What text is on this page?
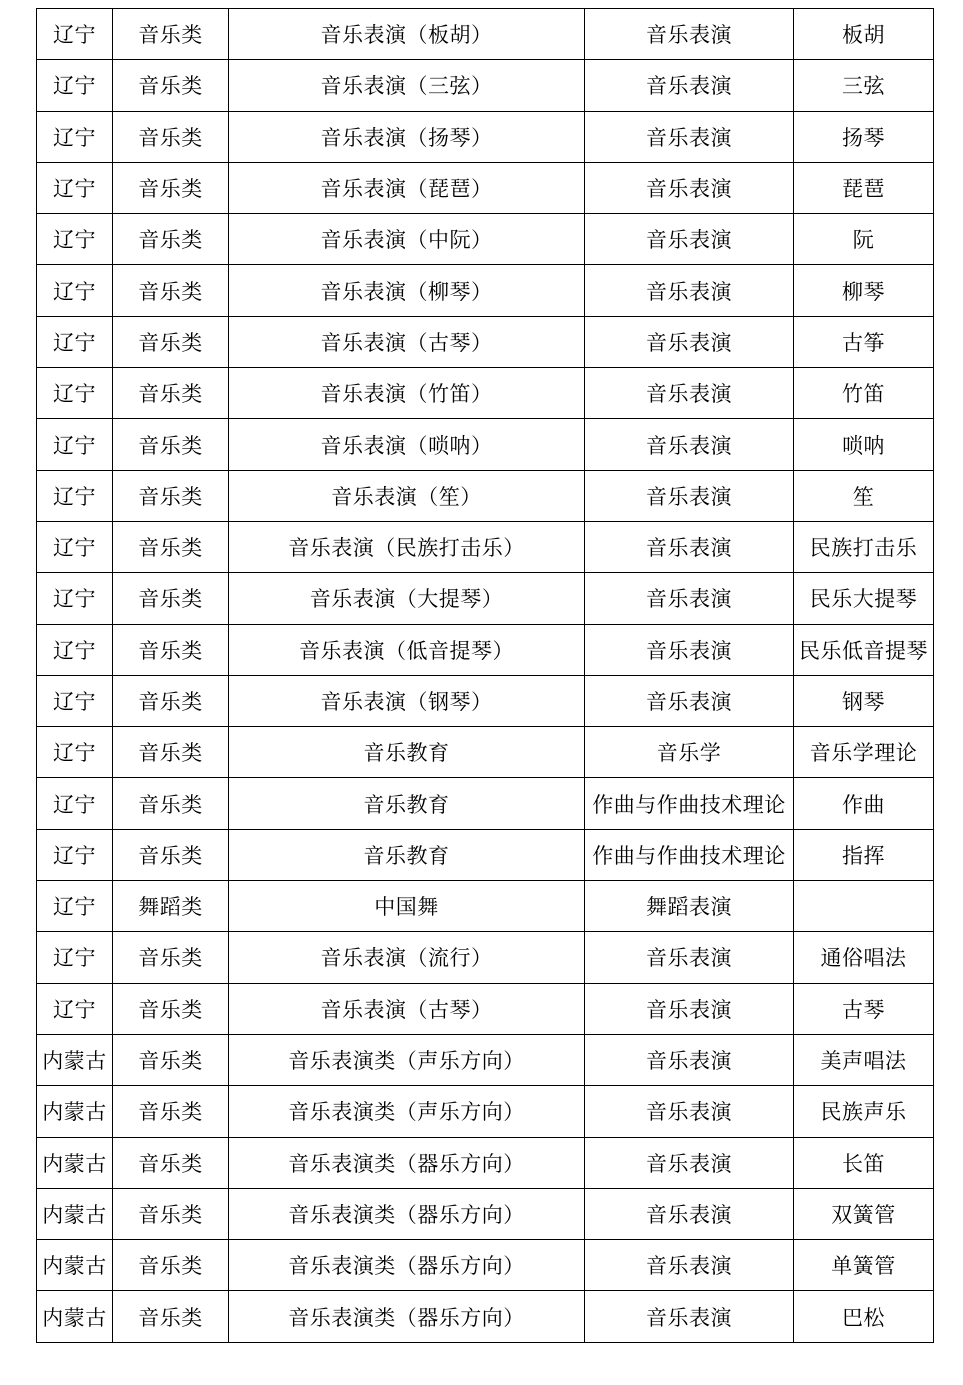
辽宁	音乐类	音乐表演（板胡）	音乐表演	板胡
辽宁	音乐类	音乐表演（三弦）	音乐表演	三弦
辽宁	音乐类	音乐表演（扬琴）	音乐表演	扬琴
辽宁	音乐类	音乐表演（琵琶）	音乐表演	琵琶
辽宁	音乐类	音乐表演（中阮）	音乐表演	阮
辽宁	音乐类	音乐表演（柳琴）	音乐表演	柳琴
辽宁	音乐类	音乐表演（古琴）	音乐表演	古筝
辽宁	音乐类	音乐表演（竹笛）	音乐表演	竹笛
辽宁	音乐类	音乐表演（唢呐）	音乐表演	唢呐
辽宁	音乐类	音乐表演（笙）	音乐表演	笙
辽宁	音乐类	音乐表演（民族打击乐）	音乐表演	民族打击乐
辽宁	音乐类	音乐表演（大提琴）	音乐表演	民乐大提琴
辽宁	音乐类	音乐表演（低音提琴）	音乐表演	民乐低音提琴
辽宁	音乐类	音乐表演（钢琴）	音乐表演	钢琴
辽宁	音乐类	音乐教育	音乐学	音乐学理论
辽宁	音乐类	音乐教育	作曲与作曲技术理论	作曲
辽宁	音乐类	音乐教育	作曲与作曲技术理论	指挥
辽宁	舞蹈类	中国舞	舞蹈表演	
辽宁	音乐类	音乐表演（流行）	音乐表演	通俗唱法
辽宁	音乐类	音乐表演（古琴）	音乐表演	古琴
内蒙古	音乐类	音乐表演类（声乐方向）	音乐表演	美声唱法
内蒙古	音乐类	音乐表演类（声乐方向）	音乐表演	民族声乐
内蒙古	音乐类	音乐表演类（器乐方向）	音乐表演	长笛
内蒙古	音乐类	音乐表演类（器乐方向）	音乐表演	双簧管
内蒙古	音乐类	音乐表演类（器乐方向）	音乐表演	单簧管
内蒙古	音乐类	音乐表演类（器乐方向）	音乐表演	巴松
